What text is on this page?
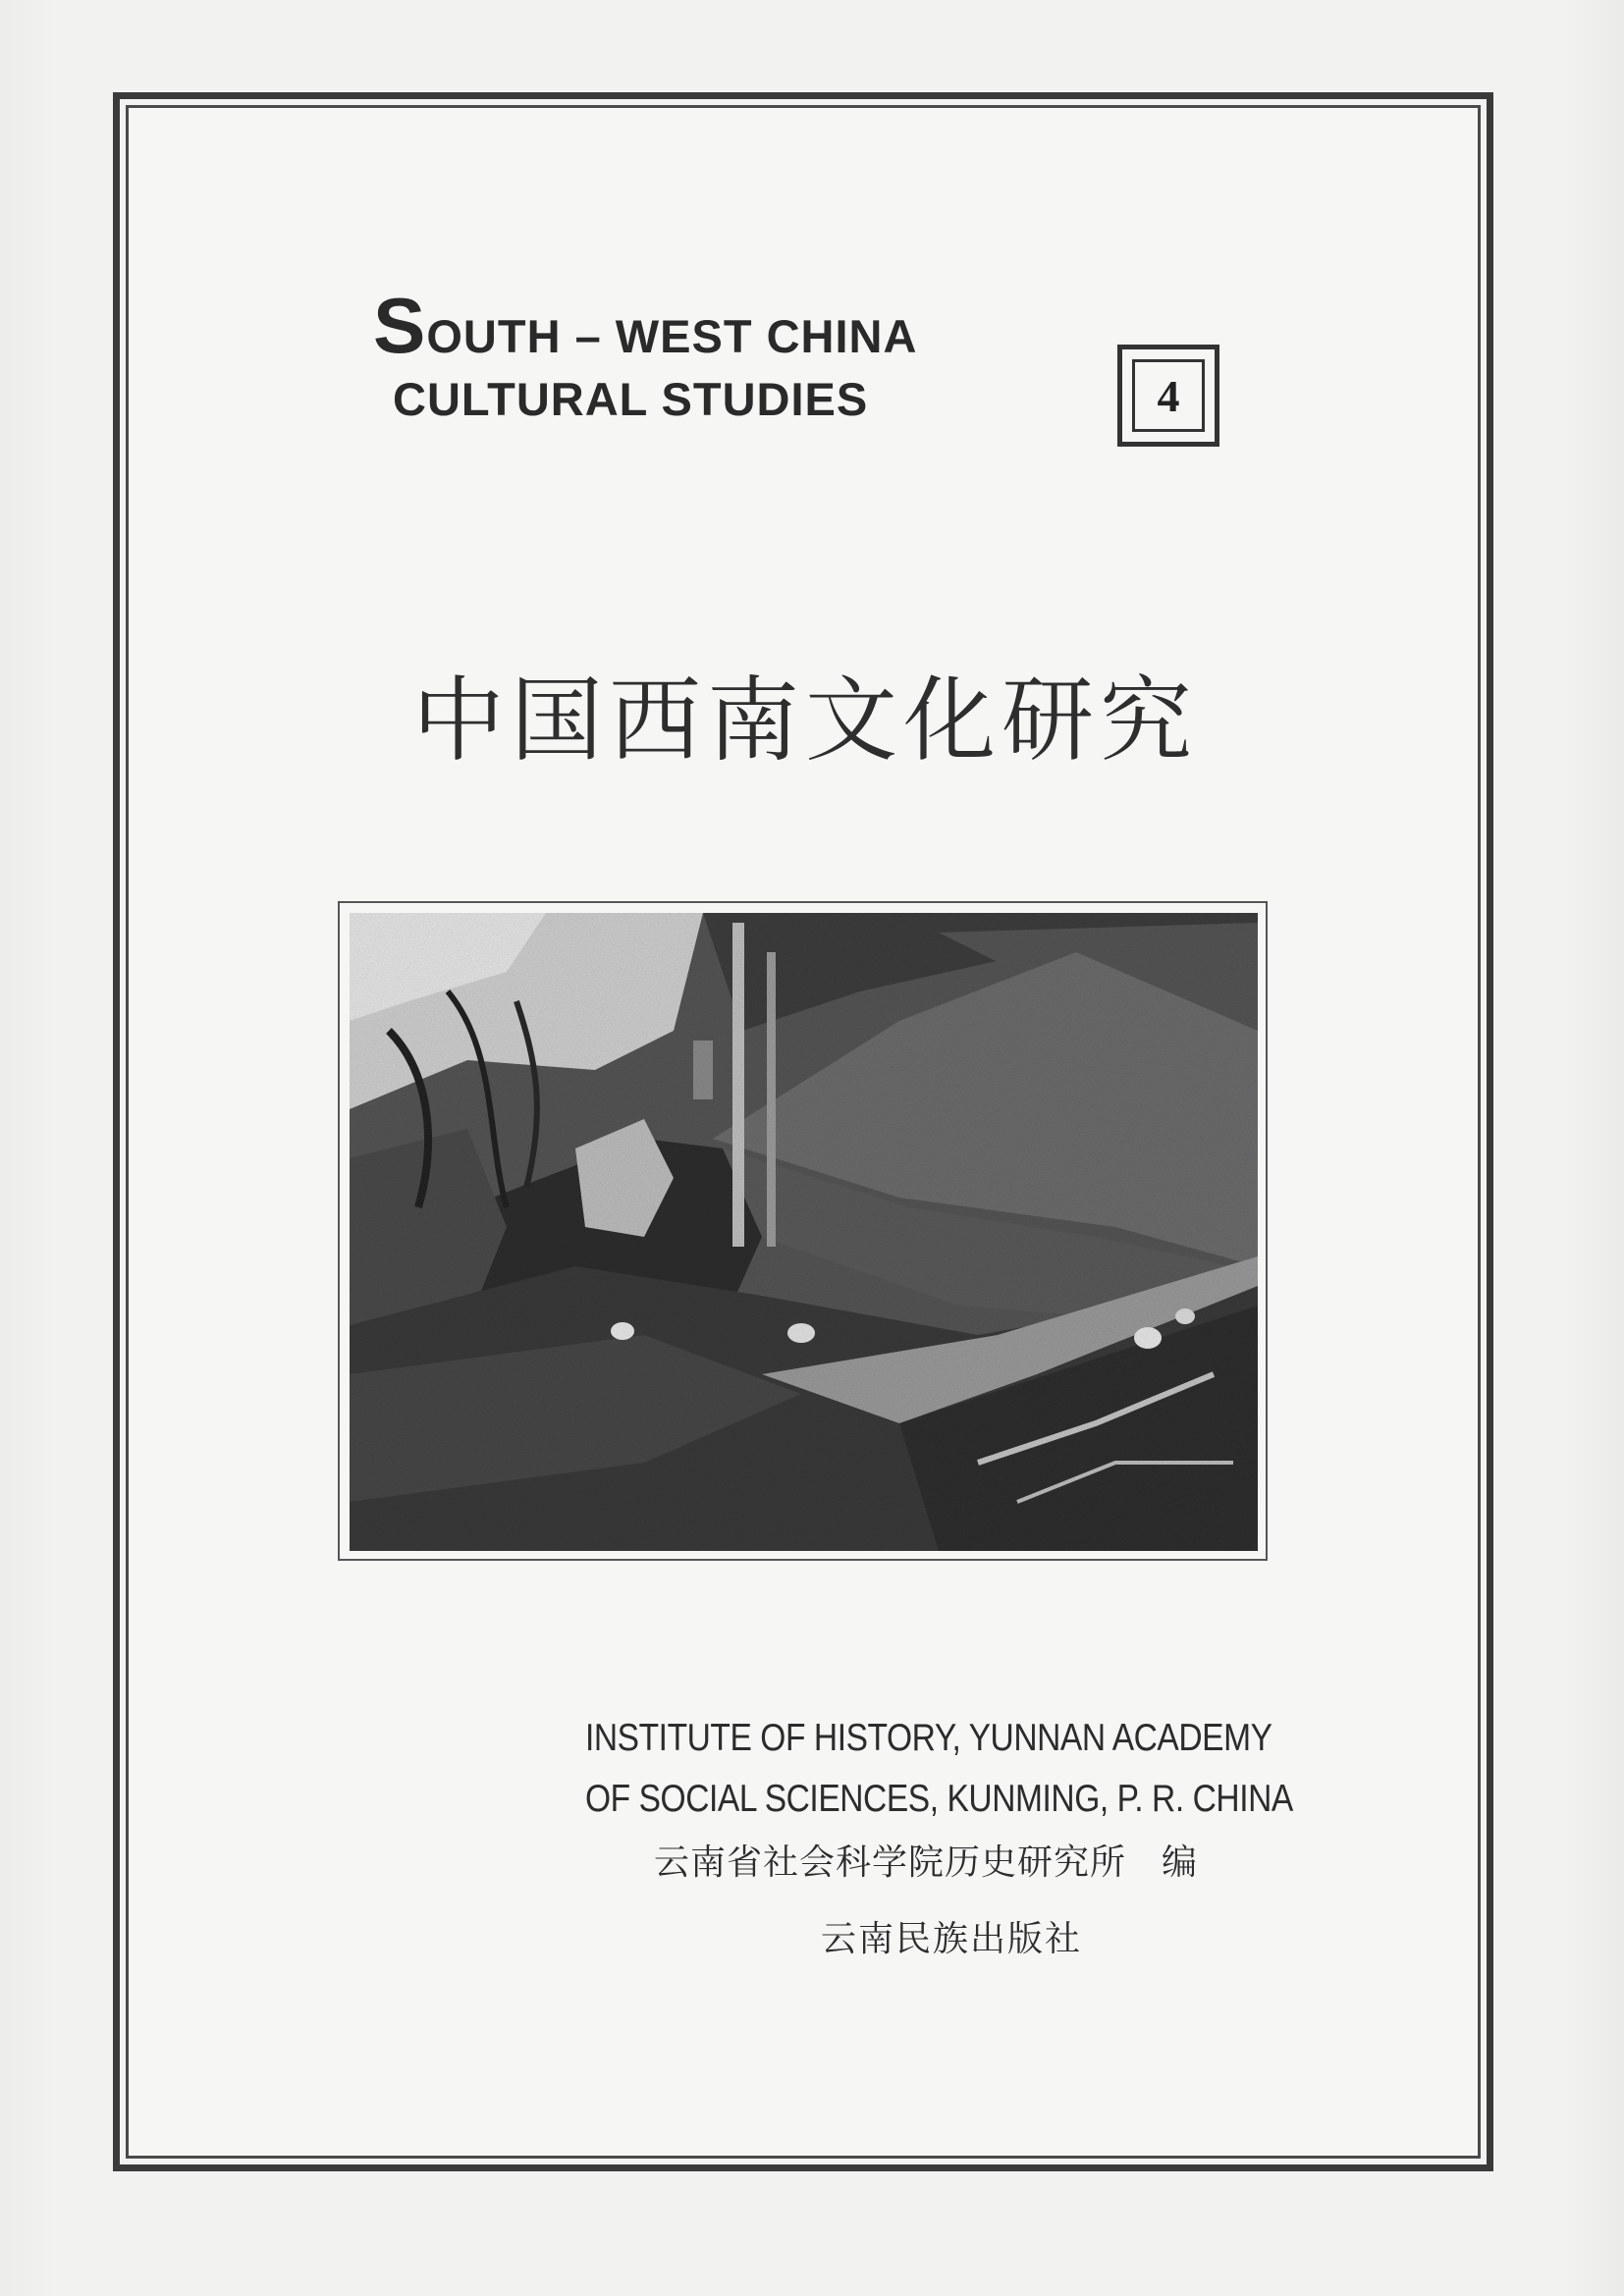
SOUTH – WEST CHINA
CULTURAL STUDIES	4
中国西南文化研究
INSTITUTE OF HISTORY, YUNNAN ACADEMY
OF SOCIAL SCIENCES, KUNMING, P. R. CHINA
云南省社会科学院历史研究所 编
云南民族出版社
